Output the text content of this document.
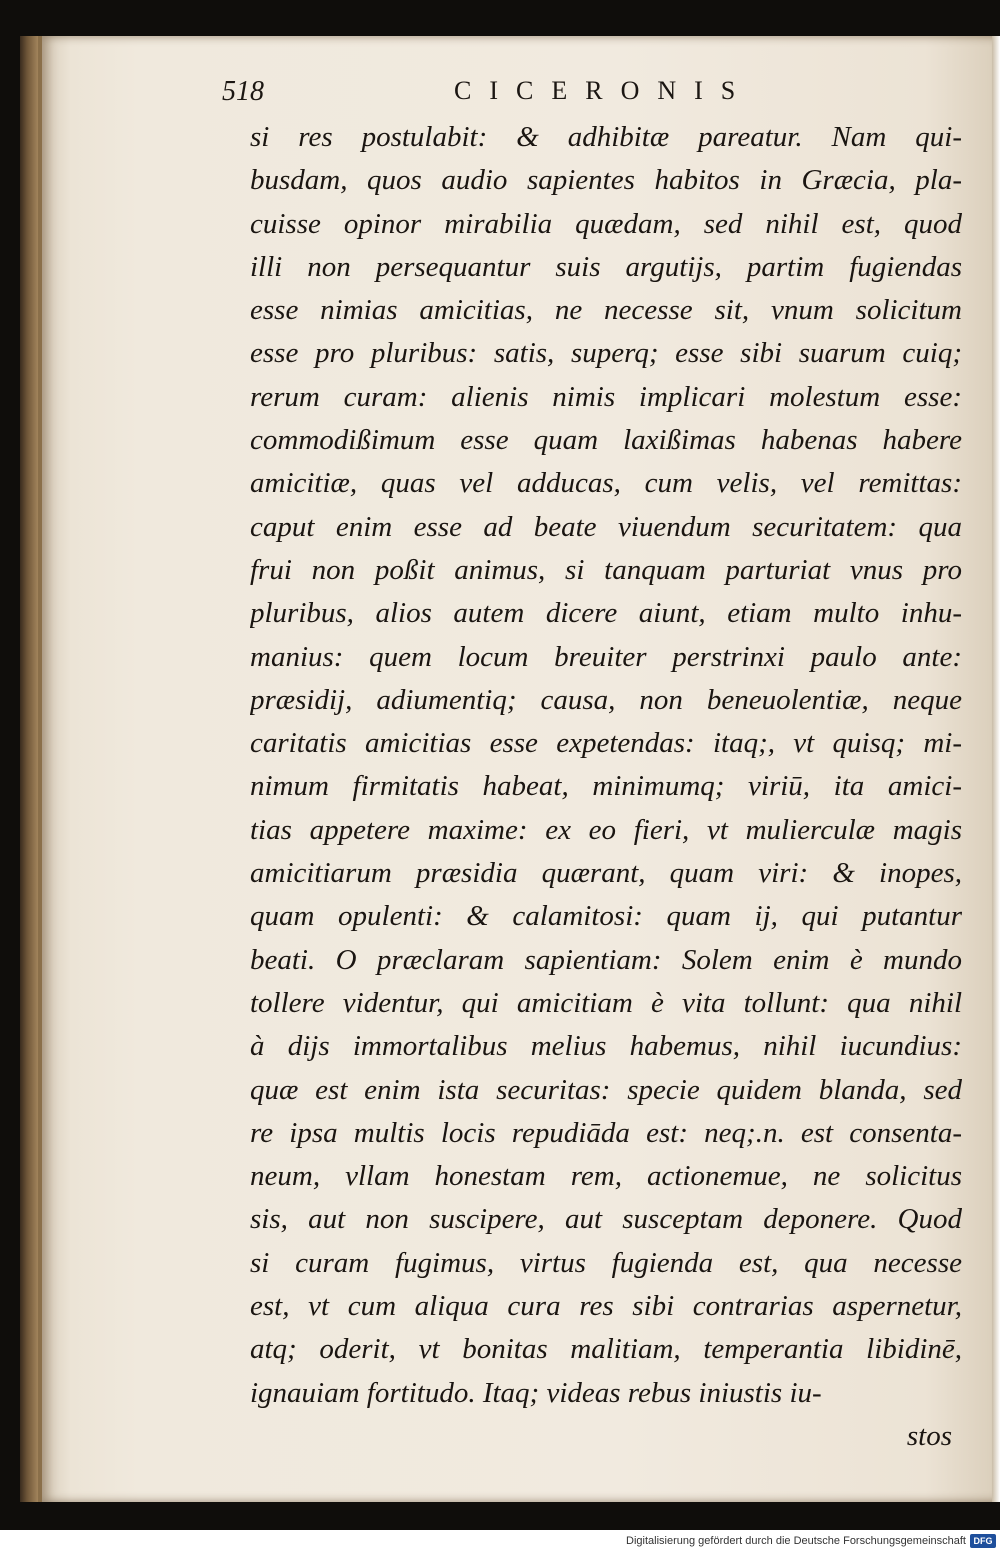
518	CICERONIS
si res postulabit: & adhibitæ pareatur. Nam qui-
busdam, quos audio sapientes habitos in Græcia, pla-
cuisse opinor mirabilia quædam, sed nihil est, quod
illi non persequantur suis argutijs, partim fugiendas
esse nimias amicitias, ne necesse sit, vnum solicitum
esse pro pluribus: satis, superq; esse sibi suarum cuiq;
rerum curam: alienis nimis implicari molestum esse:
commodißimum esse quam laxißimas habenas habere
amicitiæ, quas vel adducas, cum velis, vel remittas:
caput enim esse ad beate viuendum securitatem: qua
frui non poßit animus, si tanquam parturiat vnus pro
pluribus, alios autem dicere aiunt, etiam multo inhu-
manius: quem locum breuiter perstrinxi paulo ante:
præsidij, adiumentiq; causa, non beneuolentiæ, neque
caritatis amicitias esse expetendas: itaq;, vt quisq; mi-
nimum firmitatis habeat, minimumq; viriū, ita amici-
tias appetere maxime: ex eo fieri, vt mulierculæ magis
amicitiarum præsidia quærant, quam viri: & inopes,
quam opulenti: & calamitosi: quam ij, qui putantur
beati. O præclaram sapientiam: Solem enim è mundo
tollere videntur, qui amicitiam è vita tollunt: qua nihil
à dijs immortalibus melius habemus, nihil iucundius:
quæ est enim ista securitas: specie quidem blanda, sed
re ipsa multis locis repudiāda est: neq;.n. est consenta-
neum, vllam honestam rem, actionemue, ne solicitus
sis, aut non suscipere, aut susceptam deponere. Quod
si curam fugimus, virtus fugienda est, qua necesse
est, vt cum aliqua cura res sibi contrarias aspernetur,
atq; oderit, vt bonitas malitiam, temperantia libidinē,
ignauiam fortitudo. Itaq; videas rebus iniustis iu-
stos
Digitalisierung gefördert durch die Deutsche Forschungsgemeinschaft DFG
